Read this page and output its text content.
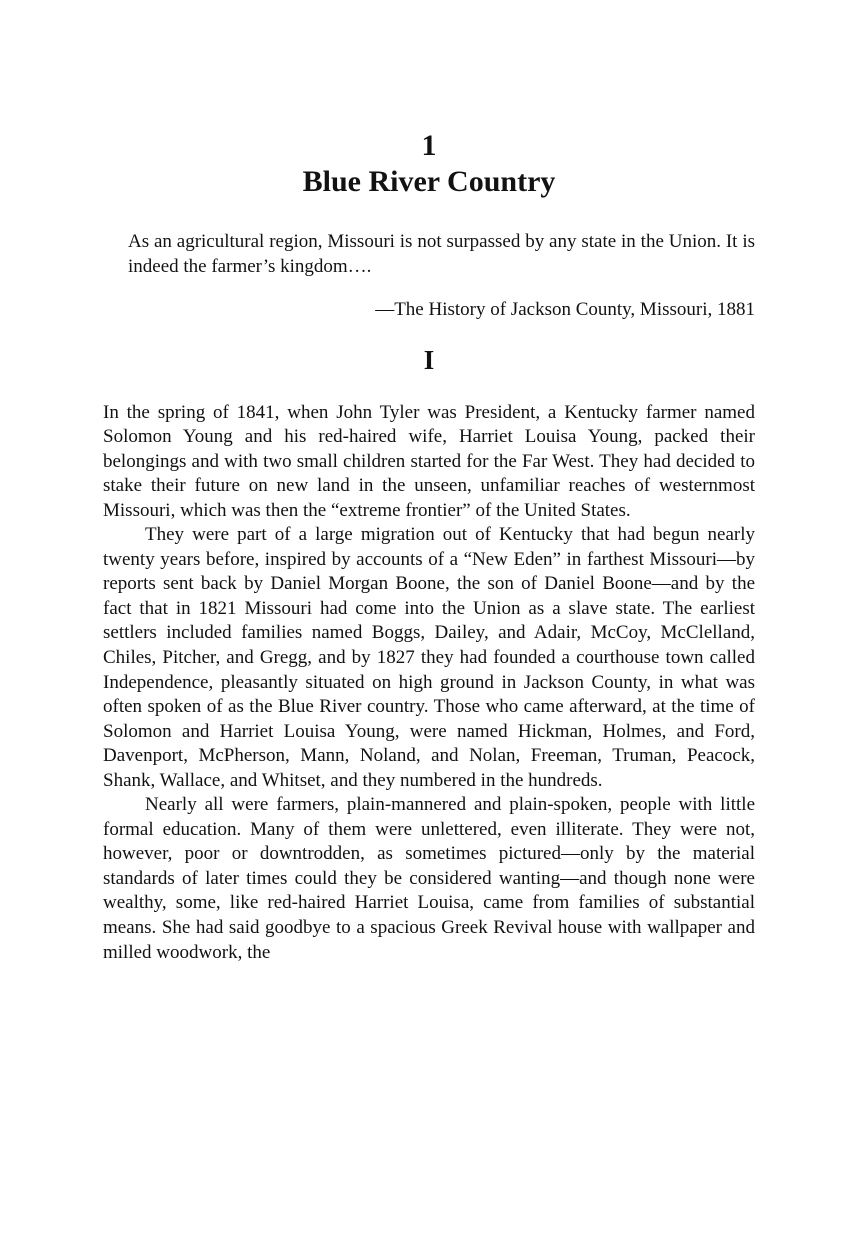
1
Blue River Country
As an agricultural region, Missouri is not surpassed by any state in the Union. It is indeed the farmer’s kingdom….
—The History of Jackson County, Missouri, 1881
I

In the spring of 1841, when John Tyler was President, a Kentucky farmer named Solomon Young and his red-haired wife, Harriet Louisa Young, packed their belongings and with two small children started for the Far West. They had decided to stake their future on new land in the unseen, unfamiliar reaches of westernmost Missouri, which was then the “extreme frontier” of the United States.

They were part of a large migration out of Kentucky that had begun nearly twenty years before, inspired by accounts of a “New Eden” in farthest Missouri—by reports sent back by Daniel Morgan Boone, the son of Daniel Boone—and by the fact that in 1821 Missouri had come into the Union as a slave state. The earliest settlers included families named Boggs, Dailey, and Adair, McCoy, McClelland, Chiles, Pitcher, and Gregg, and by 1827 they had founded a courthouse town called Independence, pleasantly situated on high ground in Jackson County, in what was often spoken of as the Blue River country. Those who came afterward, at the time of Solomon and Harriet Louisa Young, were named Hickman, Holmes, and Ford, Davenport, McPherson, Mann, Noland, and Nolan, Freeman, Truman, Peacock, Shank, Wallace, and Whitset, and they numbered in the hundreds.

Nearly all were farmers, plain-mannered and plain-spoken, people with little formal education. Many of them were unlettered, even illiterate. They were not, however, poor or downtrodden, as sometimes pictured—only by the material standards of later times could they be considered wanting—and though none were wealthy, some, like red-haired Harriet Louisa, came from families of substantial means. She had said goodbye to a spacious Greek Revival house with wallpaper and milled woodwork, the
